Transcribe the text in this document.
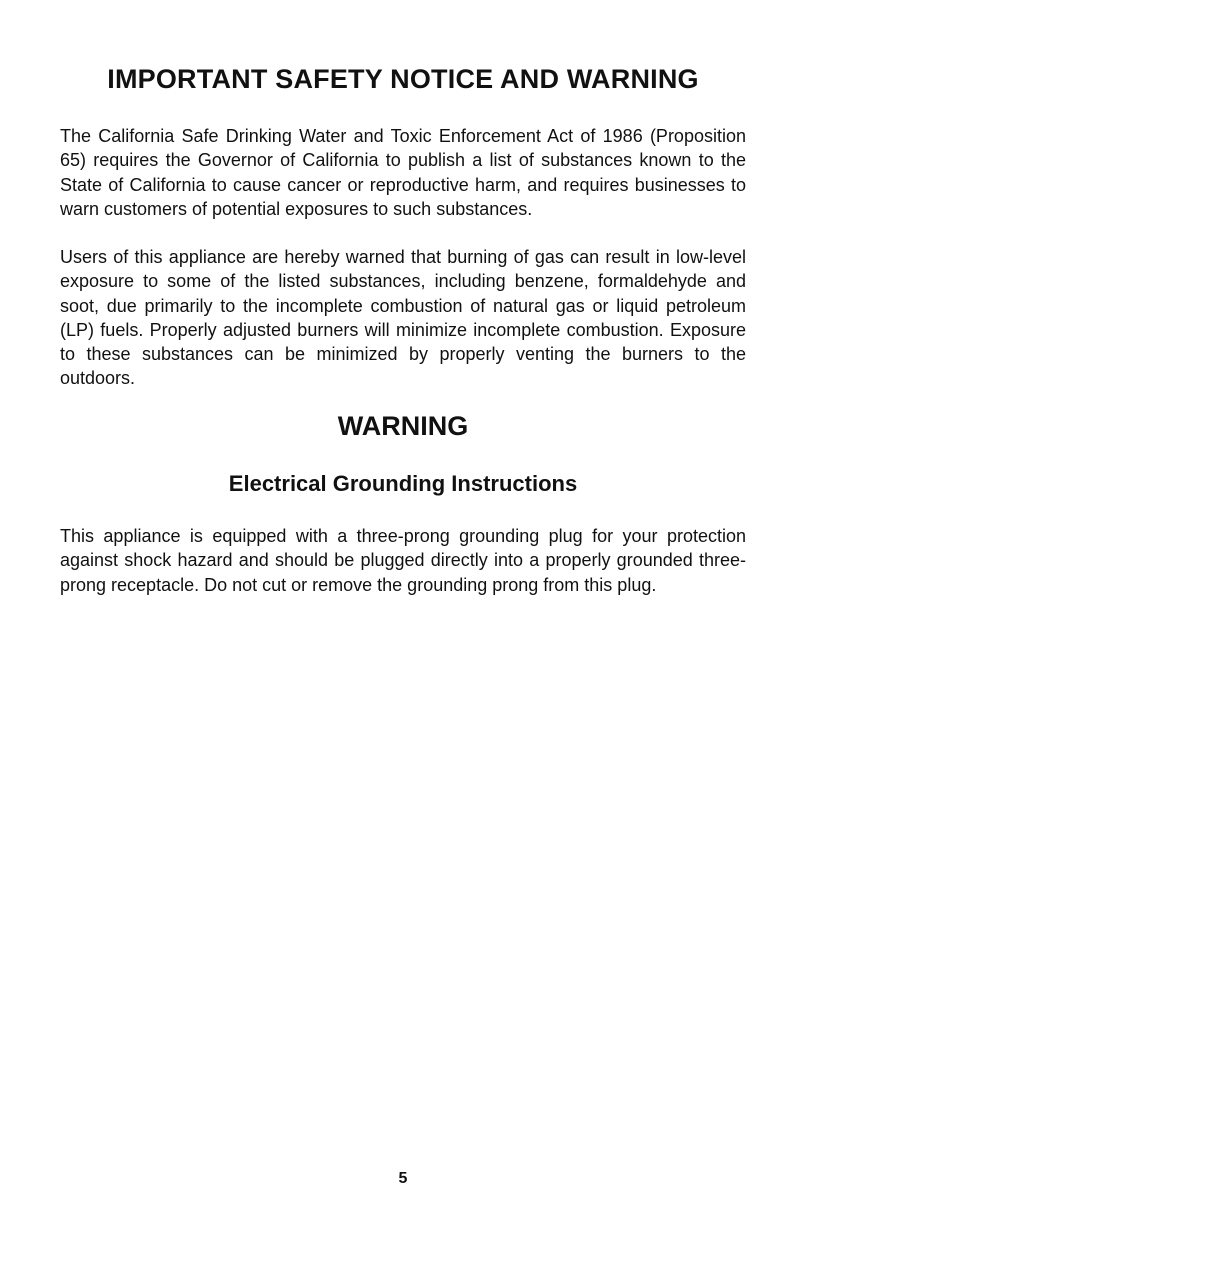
IMPORTANT SAFETY NOTICE AND WARNING

The California Safe Drinking Water and Toxic Enforcement Act of 1986 (Proposition 65) requires the Governor of California to publish a list of substances known to the State of California to cause cancer or reproductive harm, and requires businesses to warn customers of potential exposures to such substances.

Users of this appliance are hereby warned that burning of gas can result in low-level exposure to some of the listed substances, including benzene, formaldehyde and soot, due primarily to the incomplete combustion of natural gas or liquid petroleum (LP) fuels. Properly adjusted burners will minimize incomplete combustion. Exposure to these substances can be minimized by properly venting the burners to the outdoors.

WARNING
Electrical Grounding Instructions

This appliance is equipped with a three-prong grounding plug for your protection against shock hazard and should be plugged directly into a properly grounded three-prong receptacle. Do not cut or remove the grounding prong from this plug.

5
